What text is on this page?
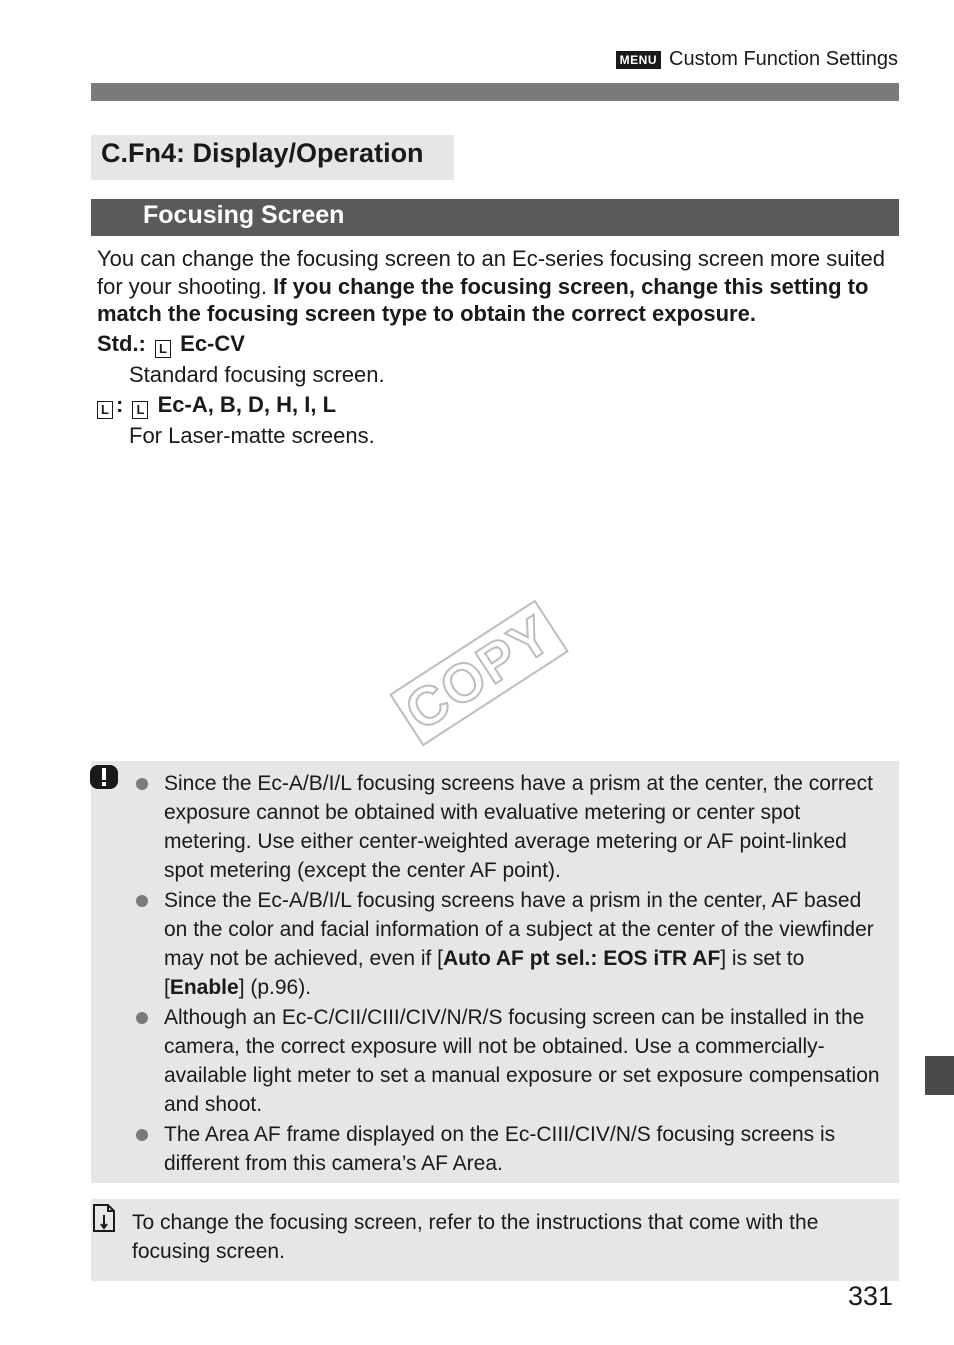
MENU Custom Function Settings
C.Fn4: Display/Operation
Focusing Screen

You can change the focusing screen to an Ec-series focusing screen more suited for your shooting. If you change the focusing screen, change this setting to match the focusing screen type to obtain the correct exposure.

Std.: L Ec-CV
Standard focusing screen.
L : L Ec-A, B, D, H, I, L
For Laser-matte screens.
COPY
Since the Ec-A/B/I/L focusing screens have a prism at the center, the correct exposure cannot be obtained with evaluative metering or center spot metering. Use either center-weighted average metering or AF point-linked spot metering (except the center AF point).
Since the Ec-A/B/I/L focusing screens have a prism in the center, AF based on the color and facial information of a subject at the center of the viewfinder may not be achieved, even if [Auto AF pt sel.: EOS iTR AF] is set to [Enable] (p.96).
Although an Ec-C/CII/CIII/CIV/N/R/S focusing screen can be installed in the camera, the correct exposure will not be obtained. Use a commercially-available light meter to set a manual exposure or set exposure compensation and shoot.
The Area AF frame displayed on the Ec-CIII/CIV/N/S focusing screens is different from this camera’s AF Area.
To change the focusing screen, refer to the instructions that come with the focusing screen.
331
